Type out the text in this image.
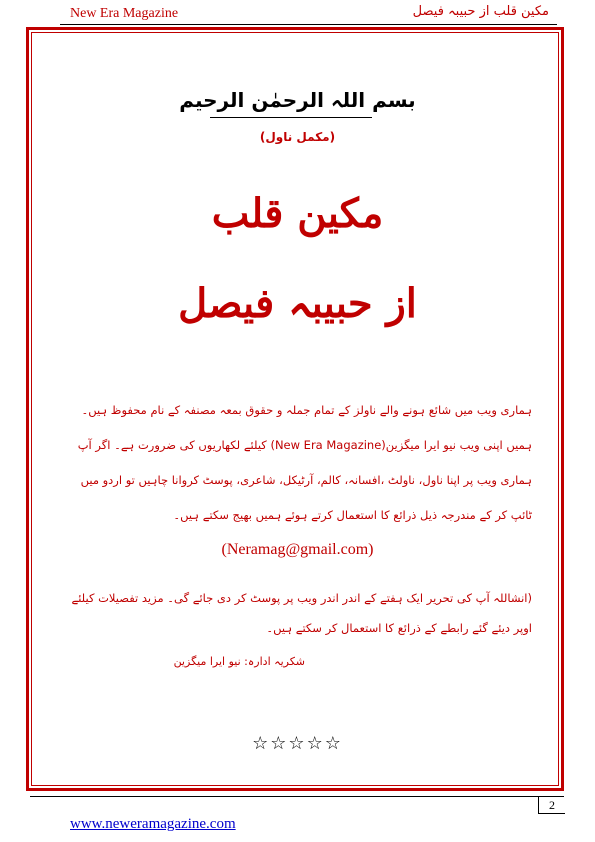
New Era Magazine	مکین قلب از حبیبہ فیصل
بسم اللہ الرحمٰن الرحیم
(مکمل ناول)
مکین قلب
از حبیبہ فیصل
ہماری ویب میں شائع ہونے والے ناولز کے تمام جملہ و حقوق بمعہ مصنفہ کے نام محفوظ ہیں۔ ہمیں اپنی ویب نیو ایرا میگزین(New Era Magazine) کیلئے لکھاریوں کی ضرورت ہے۔ اگر آپ ہماری ویب پر اپنا ناول، ناولٹ ،افسانہ، کالم، آرٹیکل، شاعری، پوسٹ کروانا چاہیں تو اردو میں ٹائپ کر کے مندرجہ ذیل ذرائع کا استعمال کرتے ہوئے ہمیں بھیج سکتے ہیں۔
(Neramag@gmail.com)
(انشاللہ آپ کی تحریر ایک ہفتے کے اندر اندر ویب پر پوسٹ کر دی جائے گی۔ مزید تفصیلات کیلئے اوپر دیئے گئے رابطے کے ذرائع کا استعمال کر سکتے ہیں۔
شکریہ ادارہ: نیو ایرا میگزین
☆☆☆☆☆
2
www.neweramagazine.com
